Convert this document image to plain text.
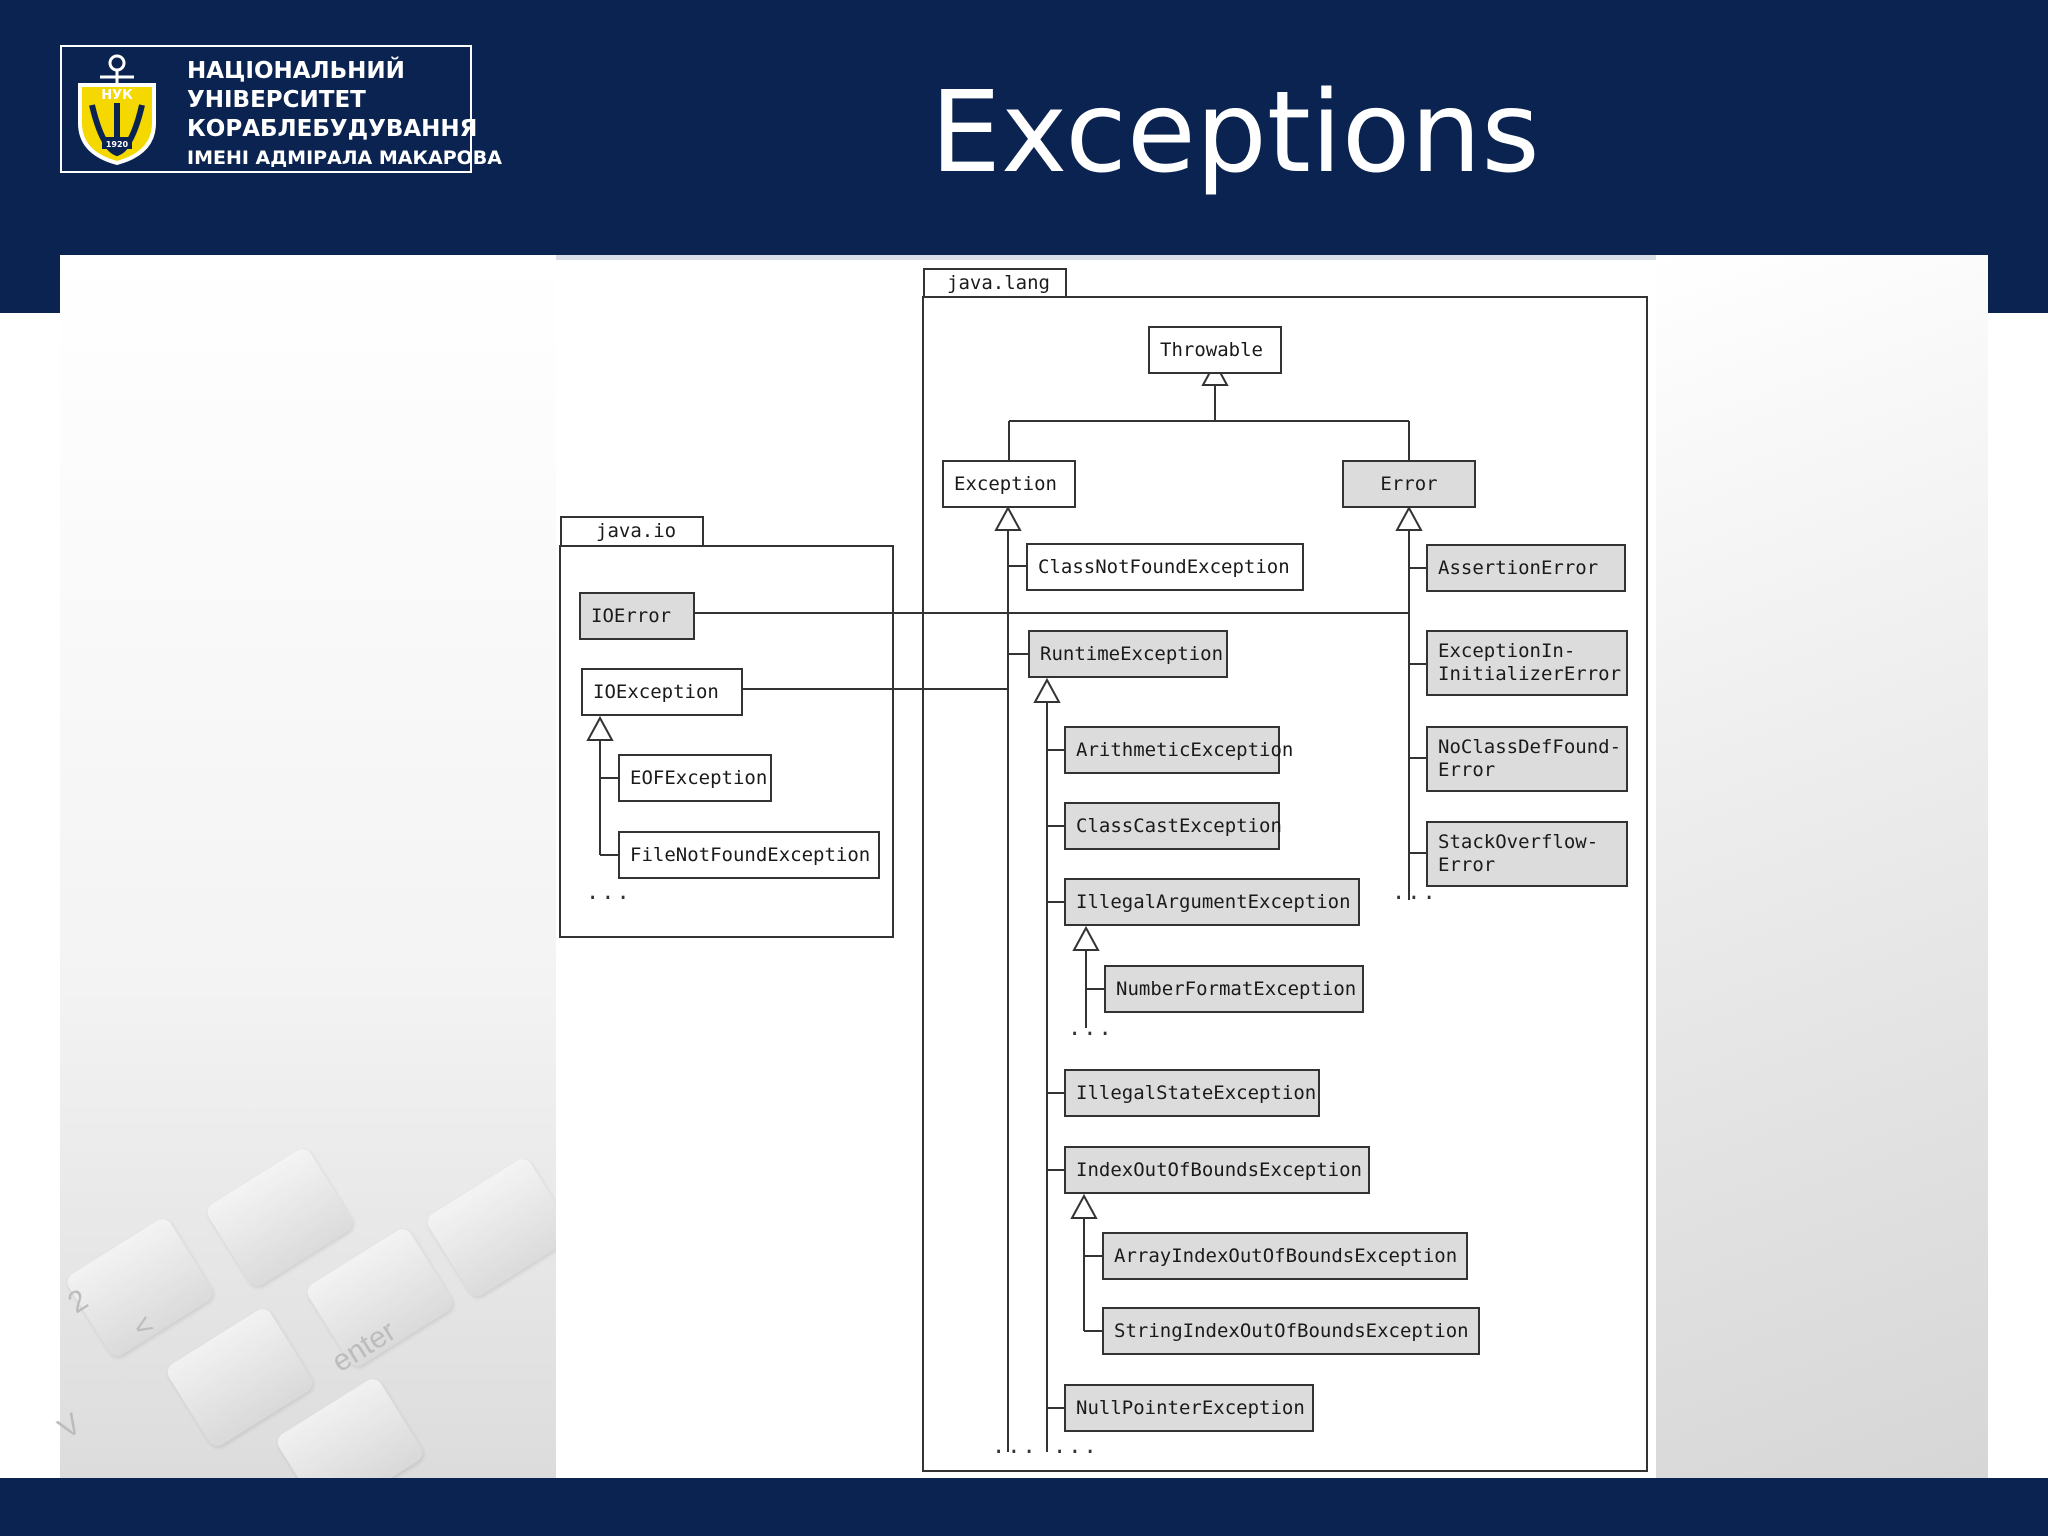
enter
2
<
V
НУК
1920
НАЦІОНАЛЬНИЙ
УНІВЕРСИТЕТ
КОРАБЛЕБУДУВАННЯ
ІМЕНІ АДМІРАЛА МАКАРОВА	Exceptions
java.lang
java.io
Throwable
Exception	Error
ClassNotFoundException
RuntimeException
ArithmeticException
ClassCastException
IllegalArgumentException
NumberFormatException
IllegalStateException
IndexOutOfBoundsException
ArrayIndexOutOfBoundsException
StringIndexOutOfBoundsException
NullPointerException
AssertionError
ExceptionIn-
InitializerError
NoClassDefFound-
Error
StackOverflow-
Error
IOError
IOException
EOFException
FileNotFoundException
...	...
...
... ...
